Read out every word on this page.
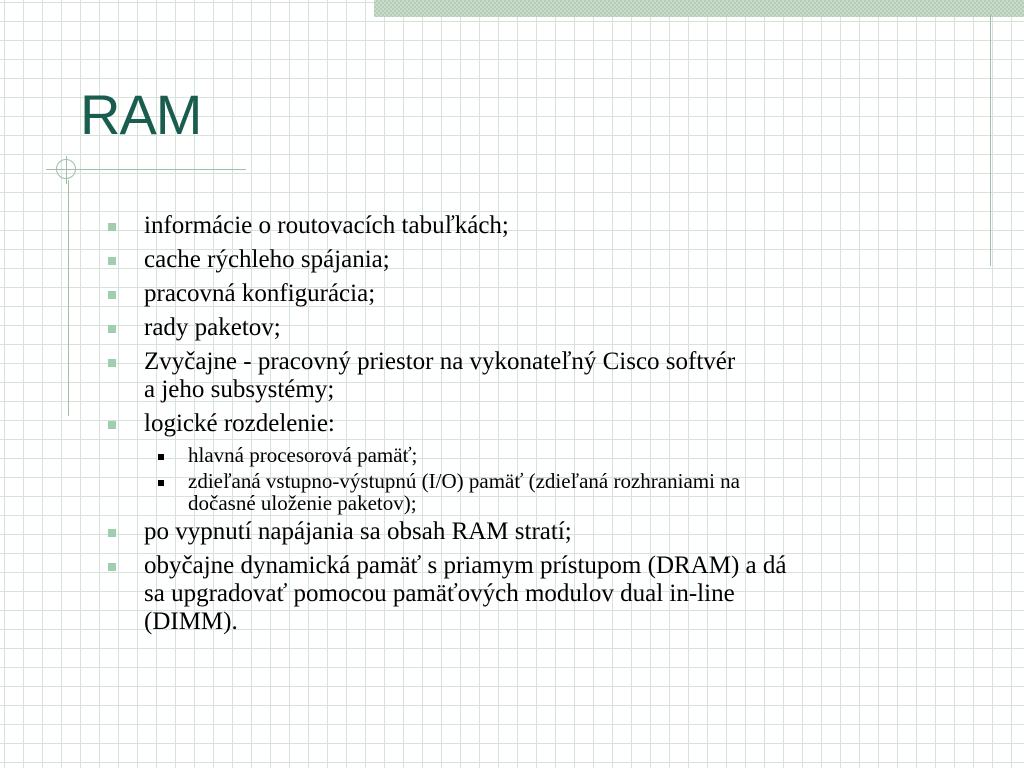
RAM
informácie o routovacích tabuľkách;
cache rýchleho spájania;
pracovná konfigurácia;
rady paketov;
Zvyčajne - pracovný priestor na vykonateľný Cisco softvér
a jeho subsystémy;
logické rozdelenie:
hlavná procesorová pamäť;
zdieľaná vstupno-výstupnú (I/O) pamäť (zdieľaná rozhraniami na
dočasné uloženie paketov);
po vypnutí napájania sa obsah RAM stratí;
obyčajne dynamická pamäť s priamym prístupom (DRAM) a dá
sa upgradovať pomocou pamäťových modulov dual in-line
(DIMM).
